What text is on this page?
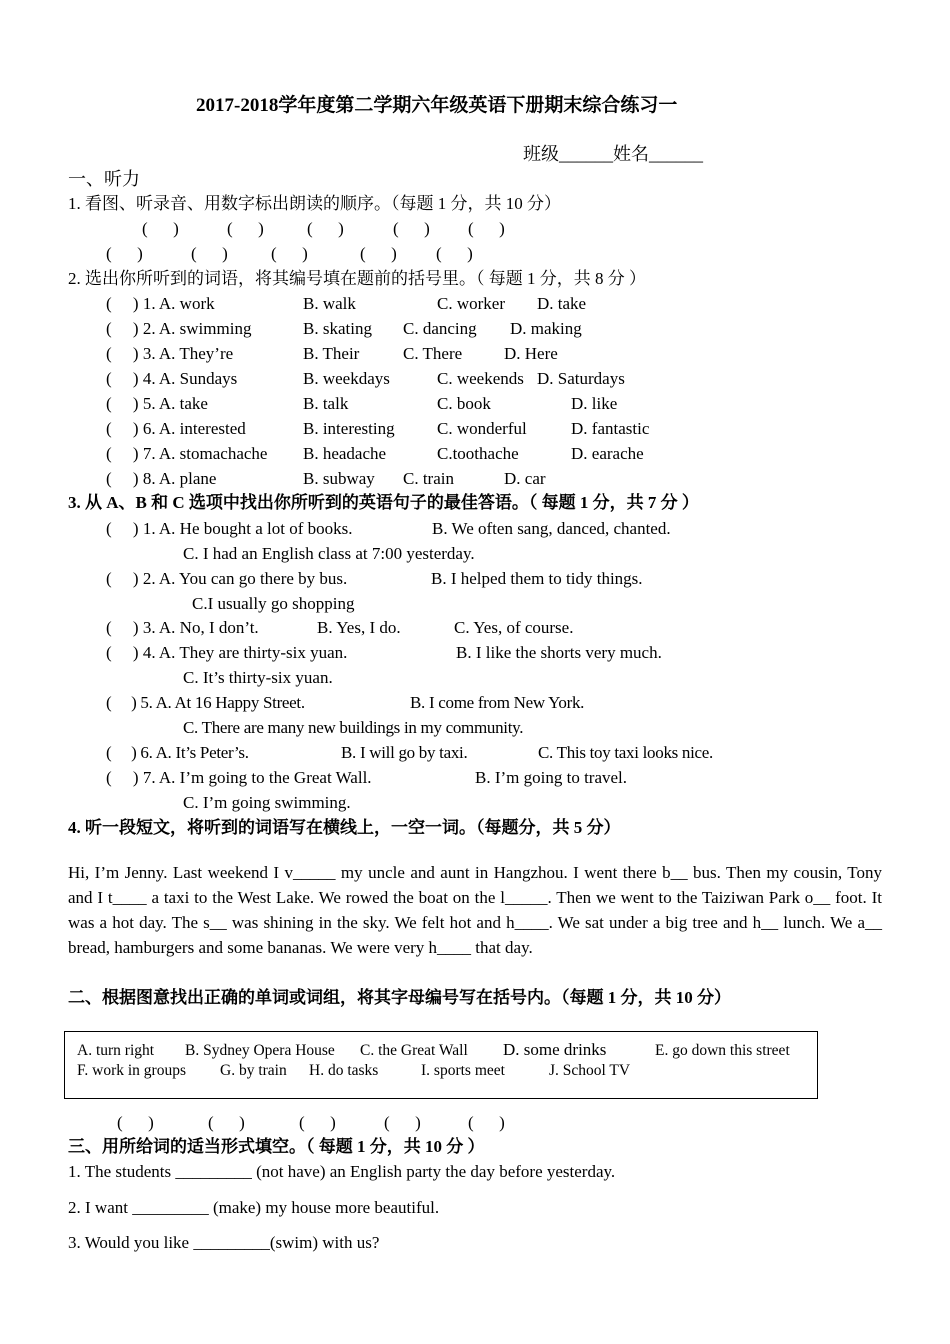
2017-2018学年度第二学期六年级英语下册期末综合练习一
班级______姓名______
一、听力
1. 看图、听录音、用数字标出朗读的顺序。（每题 1 分，共 10 分）
(      )	(      )	(      )	(      ) (      )
(      )	(      )	(      )	(      ) (      )
2. 选出你所听到的词语，将其编号填在题前的括号里。（ 每题 1 分，共 8 分 ）
(     ) 1. A. work	B. walk	C. worker D. take
(     ) 2. A. swimming	B. skating C. dancing D. making
(     ) 3. A. They’re	B. Their	C. There D. Here
(     ) 4. A. Sundays	B. weekdays	C. weekends D. Saturdays
(     ) 5. A. take	B. talk	C. book	D. like
(     ) 6. A. interested	B. interesting C. wonderful	D. fantastic
(     ) 7. A. stomachache B. headache	C.toothache	D. earache
(     ) 8. A. plane	B. subway C. train	D. car
3. 从 A、B 和 C 选项中找出你所听到的英语句子的最佳答语。（ 每题 1 分，共 7 分 ）
(     ) 1. A. He bought a lot of books.	B. We often sang, danced, chanted.
C. I had an English class at 7:00 yesterday.
(     ) 2. A. You can go there by bus.	B. I helped them to tidy things.
C.I usually go shopping
(     ) 3. A. No, I don’t.	B. Yes, I do.	C. Yes, of course.
(     ) 4. A. They are thirty-six yuan.	B. I like the shorts very much.
C. It’s thirty-six yuan.
(     ) 5. A. At 16 Happy Street.	B. I come from New York.
C. There are many new buildings in my community.
(     ) 6. A. It’s Peter’s.	B. I will go by taxi.	C. This toy taxi looks nice.
(     ) 7. A. I’m going to the Great Wall.	B. I’m going to travel.
C. I’m going swimming.
4. 听一段短文，将听到的词语写在横线上，一空一词。（每题分，共 5 分）
Hi, I’m Jenny. Last weekend I v_____ my uncle and aunt in Hangzhou. I went there b__ bus. Then my cousin, Tony and I t____ a taxi to the West Lake. We rowed the boat on the l_____. Then we went to the Taiziwan Park o__ foot. It was a hot day. The s__ was shining in the sky. We felt hot and h____. We sat under a big tree and h__ lunch. We a__ bread, hamburgers and some bananas. We were very h____ that day.
二、根据图意找出正确的单词或词组，将其字母编号写在括号内。（每题 1 分，共 10 分）
A. turn right B. Sydney Opera House C. the Great Wall D. some drinks	E. go down this street
F. work in groups G. by train H. do tasks	I. sports meet	J. School TV
(      )	(      )	(      )	(      )	(      )
三、用所给词的适当形式填空。（ 每题 1 分，共 10 分 ）
1. The students _________ (not have) an English party the day before yesterday.
2. I want _________ (make) my house more beautiful.
3. Would you like _________(swim) with us?
